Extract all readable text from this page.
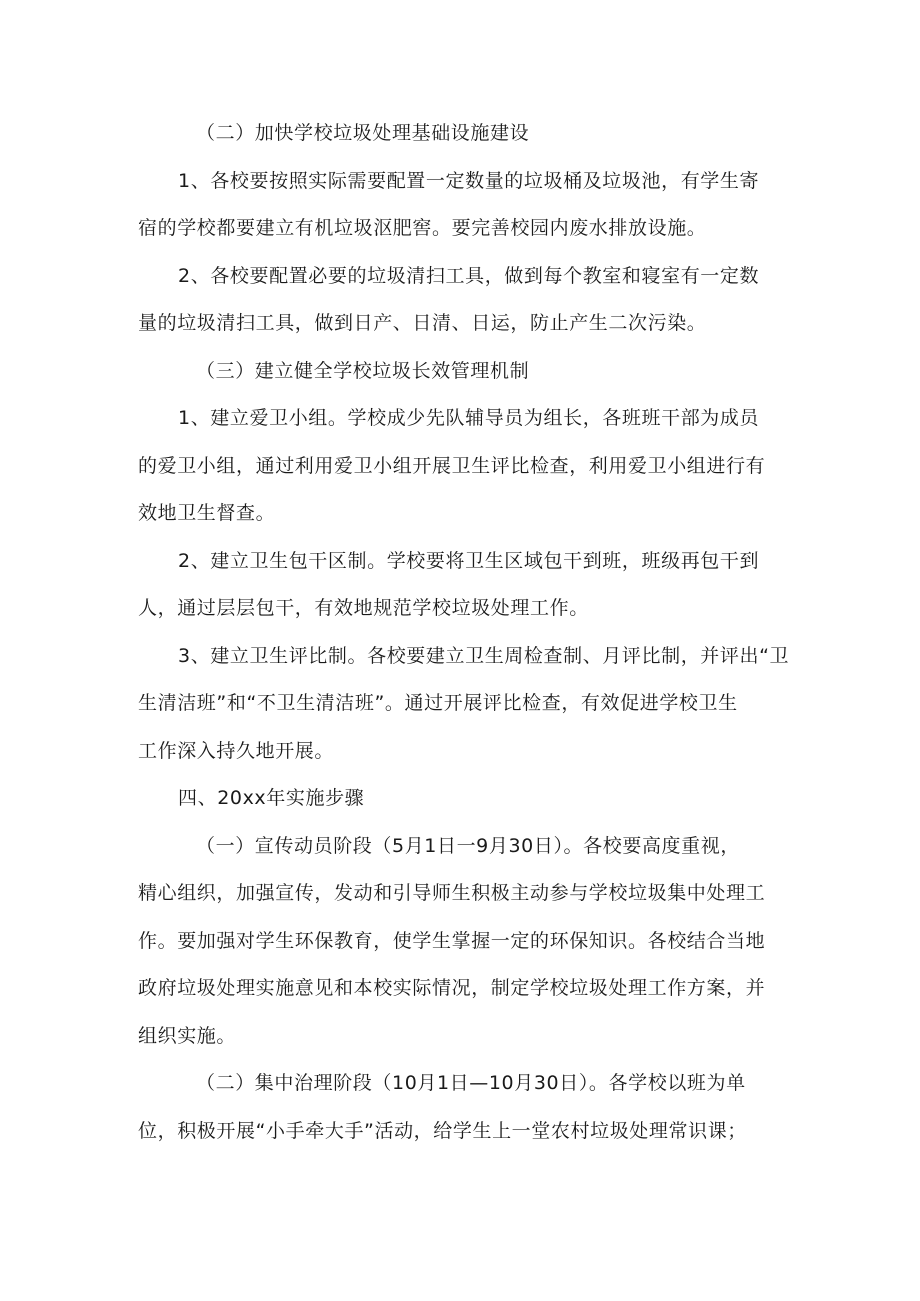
（二）加快学校垃圾处理基础设施建设

1、各校要按照实际需要配置一定数量的垃圾桶及垃圾池，有学生寄

宿的学校都要建立有机垃圾沤肥窖。要完善校园内废水排放设施。

2、各校要配置必要的垃圾清扫工具，做到每个教室和寝室有一定数

量的垃圾清扫工具，做到日产、日清、日运，防止产生二次污染。

（三）建立健全学校垃圾长效管理机制

1、建立爱卫小组。学校成少先队辅导员为组长，各班班干部为成员

的爱卫小组，通过利用爱卫小组开展卫生评比检查，利用爱卫小组进行有

效地卫生督查。

2、建立卫生包干区制。学校要将卫生区域包干到班，班级再包干到

人，通过层层包干，有效地规范学校垃圾处理工作。

3、建立卫生评比制。各校要建立卫生周检查制、月评比制，并评出“卫

生清洁班”和“不卫生清洁班”。通过开展评比检查，有效促进学校卫生

工作深入持久地开展。

四、20xx年实施步骤

（一）宣传动员阶段（5月1日一9月30日）。各校要高度重视，

精心组织，加强宣传，发动和引导师生积极主动参与学校垃圾集中处理工

作。要加强对学生环保教育，使学生掌握一定的环保知识。各校结合当地

政府垃圾处理实施意见和本校实际情况，制定学校垃圾处理工作方案，并

组织实施。

（二）集中治理阶段（10月1日—10月30日）。各学校以班为单

位，积极开展“小手牵大手”活动，给学生上一堂农村垃圾处理常识课；
